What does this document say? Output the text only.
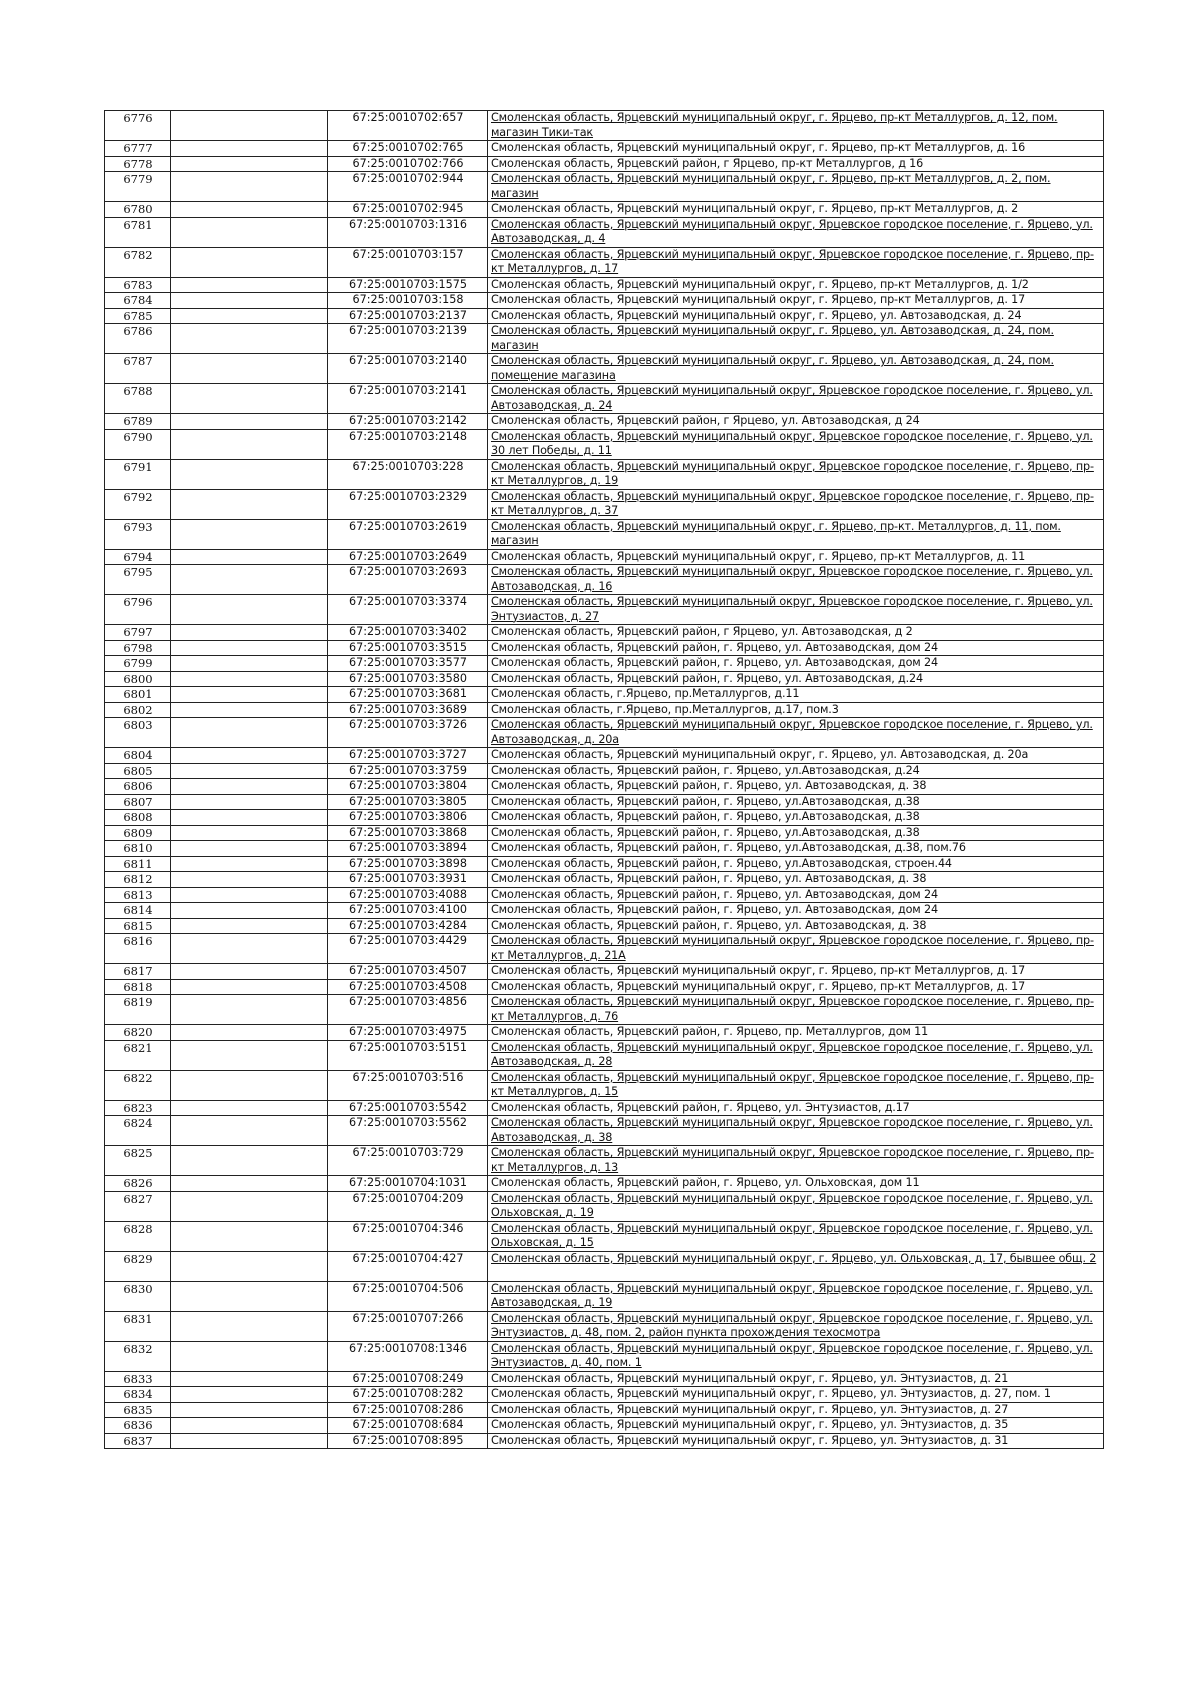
6776		67:25:0010702:657	Смоленская область, Ярцевский муниципальный округ, г. Ярцево, пр-кт Металлургов, д. 12, пом. магазин Тики-так
6777		67:25:0010702:765	Смоленская область, Ярцевский муниципальный округ, г. Ярцево, пр-кт Металлургов, д. 16
6778		67:25:0010702:766	Смоленская область, Ярцевский район, г Ярцево, пр-кт Металлургов, д 16
6779		67:25:0010702:944	Смоленская область, Ярцевский муниципальный округ, г. Ярцево, пр-кт Металлургов, д. 2, пом. магазин
6780		67:25:0010702:945	Смоленская область, Ярцевский муниципальный округ, г. Ярцево, пр-кт Металлургов, д. 2
6781		67:25:0010703:1316	Смоленская область, Ярцевский муниципальный округ, Ярцевское городское поселение, г. Ярцево, ул. Автозаводская, д. 4
6782		67:25:0010703:157	Смоленская область, Ярцевский муниципальный округ, Ярцевское городское поселение, г. Ярцево, пр-кт Металлургов, д. 17
6783		67:25:0010703:1575	Смоленская область, Ярцевский муниципальный округ, г. Ярцево, пр-кт Металлургов, д. 1/2
6784		67:25:0010703:158	Смоленская область, Ярцевский муниципальный округ, г. Ярцево, пр-кт Металлургов, д. 17
6785		67:25:0010703:2137	Смоленская область, Ярцевский муниципальный округ, г. Ярцево, ул. Автозаводская, д. 24
6786		67:25:0010703:2139	Смоленская область, Ярцевский муниципальный округ, г. Ярцево, ул. Автозаводская, д. 24, пом. магазин
6787		67:25:0010703:2140	Смоленская область, Ярцевский муниципальный округ, г. Ярцево, ул. Автозаводская, д. 24, пом. помещение магазина
6788		67:25:0010703:2141	Смоленская область, Ярцевский муниципальный округ, Ярцевское городское поселение, г. Ярцево, ул. Автозаводская, д. 24
6789		67:25:0010703:2142	Смоленская область, Ярцевский район, г Ярцево, ул. Автозаводская, д 24
6790		67:25:0010703:2148	Смоленская область, Ярцевский муниципальный округ, Ярцевское городское поселение, г. Ярцево, ул. 30 лет Победы, д. 11
6791		67:25:0010703:228	Смоленская область, Ярцевский муниципальный округ, Ярцевское городское поселение, г. Ярцево, пр-кт Металлургов, д. 19
6792		67:25:0010703:2329	Смоленская область, Ярцевский муниципальный округ, Ярцевское городское поселение, г. Ярцево, пр-кт Металлургов, д. 37
6793		67:25:0010703:2619	Смоленская область, Ярцевский муниципальный округ, г. Ярцево, пр-кт. Металлургов, д. 11, пом. магазин
6794		67:25:0010703:2649	Смоленская область, Ярцевский муниципальный округ, г. Ярцево, пр-кт Металлургов, д. 11
6795		67:25:0010703:2693	Смоленская область, Ярцевский муниципальный округ, Ярцевское городское поселение, г. Ярцево, ул. Автозаводская, д. 16
6796		67:25:0010703:3374	Смоленская область, Ярцевский муниципальный округ, Ярцевское городское поселение, г. Ярцево, ул. Энтузиастов, д. 27
6797		67:25:0010703:3402	Смоленская область, Ярцевский район, г Ярцево, ул. Автозаводская, д 2
6798		67:25:0010703:3515	Смоленская область, Ярцевский район, г. Ярцево, ул. Автозаводская, дом 24
6799		67:25:0010703:3577	Смоленская область, Ярцевский район, г. Ярцево, ул. Автозаводская, дом 24
6800		67:25:0010703:3580	Смоленская область, Ярцевский район, г. Ярцево, ул. Автозаводская, д.24
6801		67:25:0010703:3681	Смоленская область, г.Ярцево, пр.Металлургов, д.11
6802		67:25:0010703:3689	Смоленская область, г.Ярцево, пр.Металлургов, д.17, пом.3
6803		67:25:0010703:3726	Смоленская область, Ярцевский муниципальный округ, Ярцевское городское поселение, г. Ярцево, ул. Автозаводская, д. 20а
6804		67:25:0010703:3727	Смоленская область, Ярцевский муниципальный округ, г. Ярцево, ул. Автозаводская, д. 20а
6805		67:25:0010703:3759	Смоленская область, Ярцевский район, г. Ярцево, ул.Автозаводская, д.24
6806		67:25:0010703:3804	Смоленская область, Ярцевский район, г. Ярцево, ул. Автозаводская, д. 38
6807		67:25:0010703:3805	Смоленская область, Ярцевский район, г. Ярцево, ул.Автозаводская, д.38
6808		67:25:0010703:3806	Смоленская область, Ярцевский район, г. Ярцево, ул.Автозаводская, д.38
6809		67:25:0010703:3868	Смоленская область, Ярцевский район, г. Ярцево, ул.Автозаводская, д.38
6810		67:25:0010703:3894	Смоленская область, Ярцевский район, г. Ярцево, ул.Автозаводская, д.38, пом.76
6811		67:25:0010703:3898	Смоленская область, Ярцевский район, г. Ярцево, ул.Автозаводская, строен.44
6812		67:25:0010703:3931	Смоленская область, Ярцевский район, г. Ярцево, ул. Автозаводская, д. 38
6813		67:25:0010703:4088	Смоленская область, Ярцевский район, г. Ярцево, ул. Автозаводская, дом 24
6814		67:25:0010703:4100	Смоленская область, Ярцевский район, г. Ярцево, ул. Автозаводская, дом 24
6815		67:25:0010703:4284	Смоленская область, Ярцевский район, г. Ярцево, ул. Автозаводская, д. 38
6816		67:25:0010703:4429	Смоленская область, Ярцевский муниципальный округ, Ярцевское городское поселение, г. Ярцево, пр-кт Металлургов, д. 21А
6817		67:25:0010703:4507	Смоленская область, Ярцевский муниципальный округ, г. Ярцево, пр-кт Металлургов, д. 17
6818		67:25:0010703:4508	Смоленская область, Ярцевский муниципальный округ, г. Ярцево, пр-кт Металлургов, д. 17
6819		67:25:0010703:4856	Смоленская область, Ярцевский муниципальный округ, Ярцевское городское поселение, г. Ярцево, пр-кт Металлургов, д. 76
6820		67:25:0010703:4975	Смоленская область, Ярцевский район, г. Ярцево, пр. Металлургов, дом 11
6821		67:25:0010703:5151	Смоленская область, Ярцевский муниципальный округ, Ярцевское городское поселение, г. Ярцево, ул. Автозаводская, д. 28
6822		67:25:0010703:516	Смоленская область, Ярцевский муниципальный округ, Ярцевское городское поселение, г. Ярцево, пр-кт Металлургов, д. 15
6823		67:25:0010703:5542	Смоленская область, Ярцевский район, г. Ярцево, ул. Энтузиастов, д.17
6824		67:25:0010703:5562	Смоленская область, Ярцевский муниципальный округ, Ярцевское городское поселение, г. Ярцево, ул. Автозаводская, д. 38
6825		67:25:0010703:729	Смоленская область, Ярцевский муниципальный округ, Ярцевское городское поселение, г. Ярцево, пр-кт Металлургов, д. 13
6826		67:25:0010704:1031	Смоленская область, Ярцевский район, г. Ярцево, ул. Ольховская, дом 11
6827		67:25:0010704:209	Смоленская область, Ярцевский муниципальный округ, Ярцевское городское поселение, г. Ярцево, ул. Ольховская, д. 19
6828		67:25:0010704:346	Смоленская область, Ярцевский муниципальный округ, Ярцевское городское поселение, г. Ярцево, ул. Ольховская, д. 15
6829		67:25:0010704:427	Смоленская область, Ярцевский муниципальный округ, г. Ярцево, ул. Ольховская, д. 17, бывшее общ. 2
6830		67:25:0010704:506	Смоленская область, Ярцевский муниципальный округ, Ярцевское городское поселение, г. Ярцево, ул. Автозаводская, д. 19
6831		67:25:0010707:266	Смоленская область, Ярцевский муниципальный округ, Ярцевское городское поселение, г. Ярцево, ул. Энтузиастов, д. 48, пом. 2, район пункта прохождения техосмотра
6832		67:25:0010708:1346	Смоленская область, Ярцевский муниципальный округ, Ярцевское городское поселение, г. Ярцево, ул. Энтузиастов, д. 40, пом. 1
6833		67:25:0010708:249	Смоленская область, Ярцевский муниципальный округ, г. Ярцево, ул. Энтузиастов, д. 21
6834		67:25:0010708:282	Смоленская область, Ярцевский муниципальный округ, г. Ярцево, ул. Энтузиастов, д. 27, пом. 1
6835		67:25:0010708:286	Смоленская область, Ярцевский муниципальный округ, г. Ярцево, ул. Энтузиастов, д. 27
6836		67:25:0010708:684	Смоленская область, Ярцевский муниципальный округ, г. Ярцево, ул. Энтузиастов, д. 35
6837		67:25:0010708:895	Смоленская область, Ярцевский муниципальный округ, г. Ярцево, ул. Энтузиастов, д. 31
